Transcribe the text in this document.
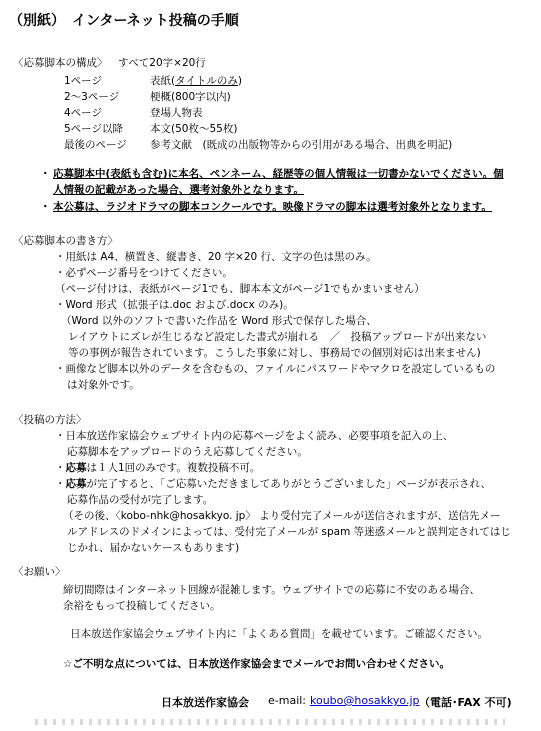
（別紙）　インターネット投稿の手順
〈応募脚本の構成〉 すべて20字×20行
1ページ	表紙(タイトルのみ)
2～3ページ	梗概(800字以内)
4ページ	登場人物表
5ページ以降	本文(50枚～55枚)
最後のページ 参考文献　(既成の出版物等からの引用がある場合、出典を明記)
・ 応募脚本中(表紙も含む)に本名、ペンネーム、経歴等の個人情報は一切書かないでください。個
人情報の記載があった場合、選考対象外となります。
・ 本公募は、ラジオドラマの脚本コンクールです。映像ドラマの脚本は選考対象外となります。
〈応募脚本の書き方〉
・用紙は A4、横置き、縦書き、20 字×20 行、文字の色は黒のみ。
・必ずページ番号をつけてください。
（ページ付けは、表紙がページ1でも、脚本本文がページ1でもかまいません）
・Word 形式（拡張子は.doc および.docx のみ)。
（Word 以外のソフトで書いた作品を Word 形式で保存した場合、
レイアウトにズレが生じるなど設定した書式が崩れる　／　投稿アップロードが出来ない
等の事例が報告されています。こうした事象に対し、事務局での個別対応は出来ません)
・画像など脚本以外のデータを含むもの、ファイルにパスワードやマクロを設定しているもの
は対象外です。
〈投稿の方法〉
・日本放送作家協会ウェブサイト内の応募ページをよく読み、必要事項を記入の上、
応募脚本をアップロードのうえ応募してください。
・応募は１人1回のみです。複数投稿不可。
・応募が完了すると、「ご応募いただきましてありがとうございました」ページが表示され、
応募作品の受付が完了します。
（その後、〈kobo-nhk@hosakkyo. jp〉 より受付完了メールが送信されますが、送信先メー
ルアドレスのドメインによっては、受付完了メールが spam 等迷惑メールと誤判定されてはじ
じかれ、届かないケースもあります)
〈お願い〉
締切間際はインターネット回線が混雑します。ウェブサイトでの応募に不安のある場合、
余裕をもって投稿してください。
日本放送作家協会ウェブサイト内に「よくある質問」を載せています。ご確認ください。
☆ご不明な点については、日本放送作家協会までメールでお問い合わせください。
日本放送作家協会 e-mail: koubo@hosakkyo.jp （電話･FAX 不可)
